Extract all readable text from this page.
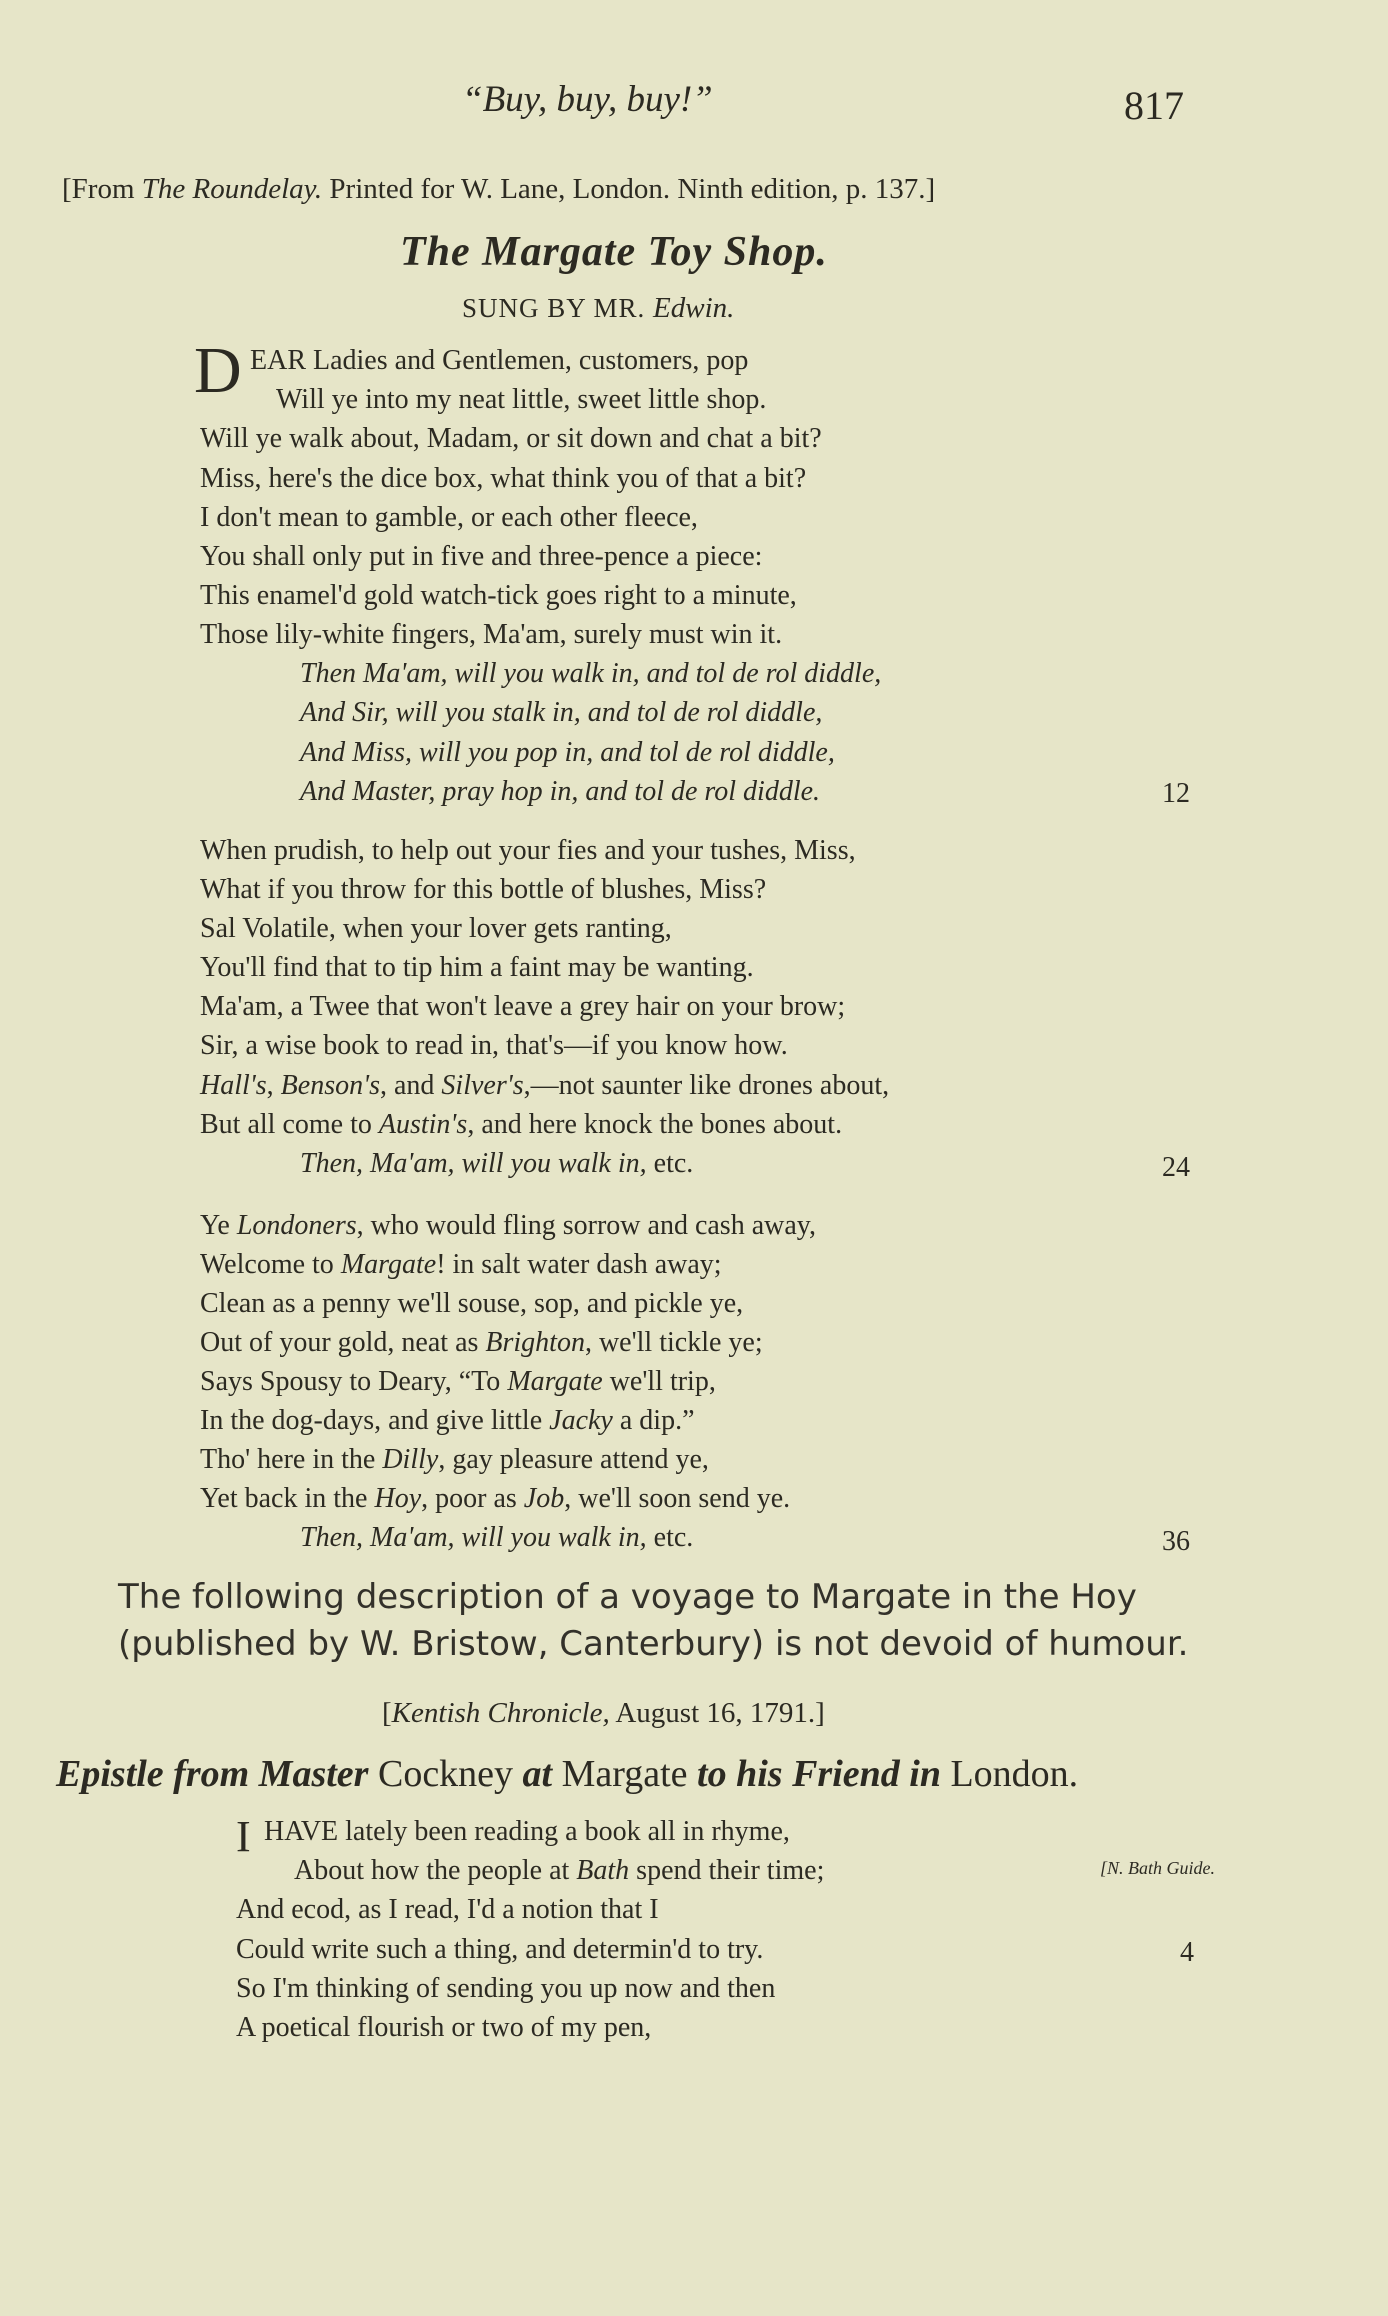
“Buy, buy, buy!”	817
[From The Roundelay. Printed for W. Lane, London. Ninth edition, p. 137.]
The Margate Toy Shop.
SUNG BY MR. Edwin.
D EAR Ladies and Gentlemen, customers, pop
Will ye into my neat little, sweet little shop.
Will ye walk about, Madam, or sit down and chat a bit?
Miss, here's the dice box, what think you of that a bit?
I don't mean to gamble, or each other fleece,
You shall only put in five and three-pence a piece:
This enamel'd gold watch-tick goes right to a minute,
Those lily-white fingers, Ma'am, surely must win it.
Then Ma'am, will you walk in, and tol de rol diddle,
And Sir, will you stalk in, and tol de rol diddle,
And Miss, will you pop in, and tol de rol diddle,
And Master, pray hop in, and tol de rol diddle.	12
When prudish, to help out your fies and your tushes, Miss,
What if you throw for this bottle of blushes, Miss?
Sal Volatile, when your lover gets ranting,
You'll find that to tip him a faint may be wanting.
Ma'am, a Twee that won't leave a grey hair on your brow;
Sir, a wise book to read in, that's—if you know how.
Hall's, Benson's, and Silver's,—not saunter like drones about,
But all come to Austin's, and here knock the bones about.
Then, Ma'am, will you walk in, etc.	24
Ye Londoners, who would fling sorrow and cash away,
Welcome to Margate! in salt water dash away;
Clean as a penny we'll souse, sop, and pickle ye,
Out of your gold, neat as Brighton, we'll tickle ye;
Says Spousy to Deary, “To Margate we'll trip,
In the dog-days, and give little Jacky a dip.”
Tho' here in the Dilly, gay pleasure attend ye,
Yet back in the Hoy, poor as Job, we'll soon send ye.
Then, Ma'am, will you walk in, etc.	36
The following description of a voyage to Margate in the Hoy
(published by W. Bristow, Canterbury) is not devoid of humour.
[Kentish Chronicle, August 16, 1791.]
Epistle from Master Cockney at Margate to his Friend in London.
I HAVE lately been reading a book all in rhyme,
About how the people at Bath spend their time;	[N. Bath Guide.
And ecod, as I read, I'd a notion that I
Could write such a thing, and determin'd to try.	4
So I'm thinking of sending you up now and then
A poetical flourish or two of my pen,
